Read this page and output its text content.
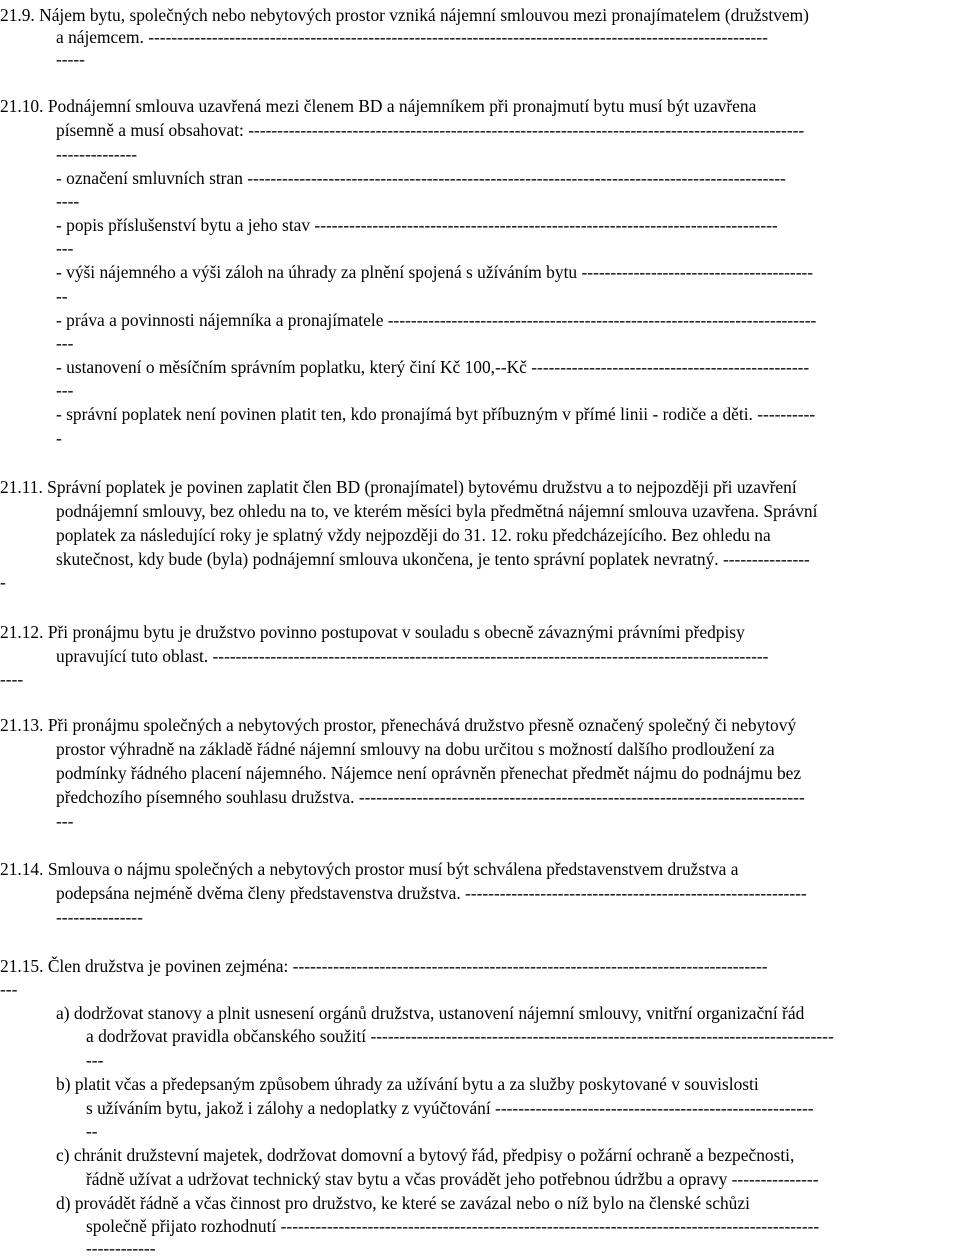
21.9. Nájem bytu, společných nebo nebytových prostor vzniká nájemní smlouvou mezi pronajímatelem (družstvem)

a nájemcem. -----------------------------------------------------------------------------------------------------------

-----

21.10. Podnájemní smlouva uzavřená mezi členem BD a nájemníkem při pronajmutí bytu musí být uzavřena

písemně a musí obsahovat: ------------------------------------------------------------------------------------------------

--------------

- označení smluvních stran ---------------------------------------------------------------------------------------------

----

- popis příslušenství bytu a jeho stav --------------------------------------------------------------------------------

---

- výši nájemného a výši záloh na úhrady za plnění spojená s užíváním bytu ----------------------------------------

--

- práva a povinnosti nájemníka a pronajímatele --------------------------------------------------------------------------

---

- ustanovení o měsíčním správním poplatku, který činí Kč 100,--Kč ------------------------------------------------

---

- správní poplatek není povinen platit ten, kdo pronajímá byt příbuzným v přímé linii - rodiče a děti. ----------

-

21.11. Správní poplatek je povinen zaplatit člen BD (pronajímatel) bytovému družstvu a to nejpozději při uzavření

podnájemní smlouvy, bez ohledu na to, ve kterém měsíci byla předmětná nájemní smlouva uzavřena. Správní

poplatek za následující roky je splatný vždy nejpozději do 31. 12. roku předcházejícího. Bez ohledu na

skutečnost, kdy bude (byla) podnájemní smlouva ukončena, je tento správní poplatek nevratný. ---------------

-

21.12. Při pronájmu bytu je družstvo povinno postupovat v souladu s obecně závaznými právními předpisy

upravující tuto oblast. ------------------------------------------------------------------------------------------------

----

21.13. Při pronájmu společných a nebytových prostor, přenechává družstvo přesně označený společný či nebytový

prostor výhradně na základě řádné nájemní smlouvy na dobu určitou s možností dalšího prodloužení za

podmínky řádného placení nájemného. Nájemce není oprávněn přenechat předmět nájmu do podnájmu bez

předchozího písemného souhlasu družstva. -----------------------------------------------------------------------------

---

21.14. Smlouva o nájmu společných a nebytových prostor musí být schválena představenstvem družstva a

podepsána nejméně dvěma členy představenstva družstva. -----------------------------------------------------------

---------------

21.15. Člen družstva je povinen zejména: ----------------------------------------------------------------------------------

---

a) dodržovat stanovy a plnit usnesení orgánů družstva, ustanovení nájemní smlouvy, vnitřní organizační řád

a dodržovat pravidla občanského soužití --------------------------------------------------------------------------------

---

b) platit včas a předepsaným způsobem úhrady za užívání bytu a za služby poskytované v souvislosti

s užíváním bytu, jakož i zálohy a nedoplatky z vyúčtování -------------------------------------------------------

--

c) chránit družstevní majetek, dodržovat domovní a bytový řád, předpisy o požární ochraně a bezpečnosti,

řádně užívat a udržovat technický stav bytu a včas provádět jeho potřebnou údržbu a opravy ---------------

d) provádět řádně a včas činnost pro družstvo, ke které se zavázal nebo o níž bylo na členské schůzi

společně přijato rozhodnutí ---------------------------------------------------------------------------------------------

------------
